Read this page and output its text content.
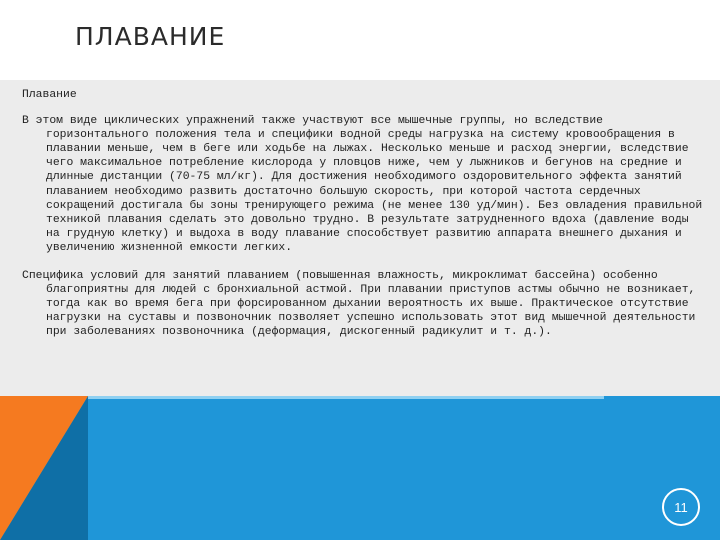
ПЛАВАНИЕ

Плавание

В этом виде циклических упражнений также участвуют все мышечные группы, но вследствие горизонтального положения тела и специфики водной среды нагрузка на систему кровообращения в плавании меньше, чем в беге или ходьбе на лыжах. Несколько меньше и расход энергии, вследствие чего максимальное потребление кислорода у пловцов ниже, чем у лыжников и бегунов на средние и длинные дистанции (70-75 мл/кг). Для достижения необходимого оздоровительного эффекта занятий плаванием необходимо развить достаточно большую скорость, при которой частота сердечных сокращений достигала бы зоны тренирующего режима (не менее 130 уд/мин). Без овладения правильной техникой плавания сделать это довольно трудно. В результате затрудненного вдоха (давление воды на грудную клетку) и выдоха в воду плавание способствует развитию аппарата внешнего дыхания и увеличению жизненной емкости легких.

Специфика условий для занятий плаванием (повышенная влажность, микроклимат бассейна) особенно благоприятны для людей с бронхиальной астмой. При плавании приступов астмы обычно не возникает, тогда как во время бега при форсированном дыхании вероятность их выше. Практическое отсутствие нагрузки на суставы и позвоночник позволяет успешно использовать этот вид мышечной деятельности при заболеваниях позвоночника (деформация, дискогенный радикулит и т. д.).

11
